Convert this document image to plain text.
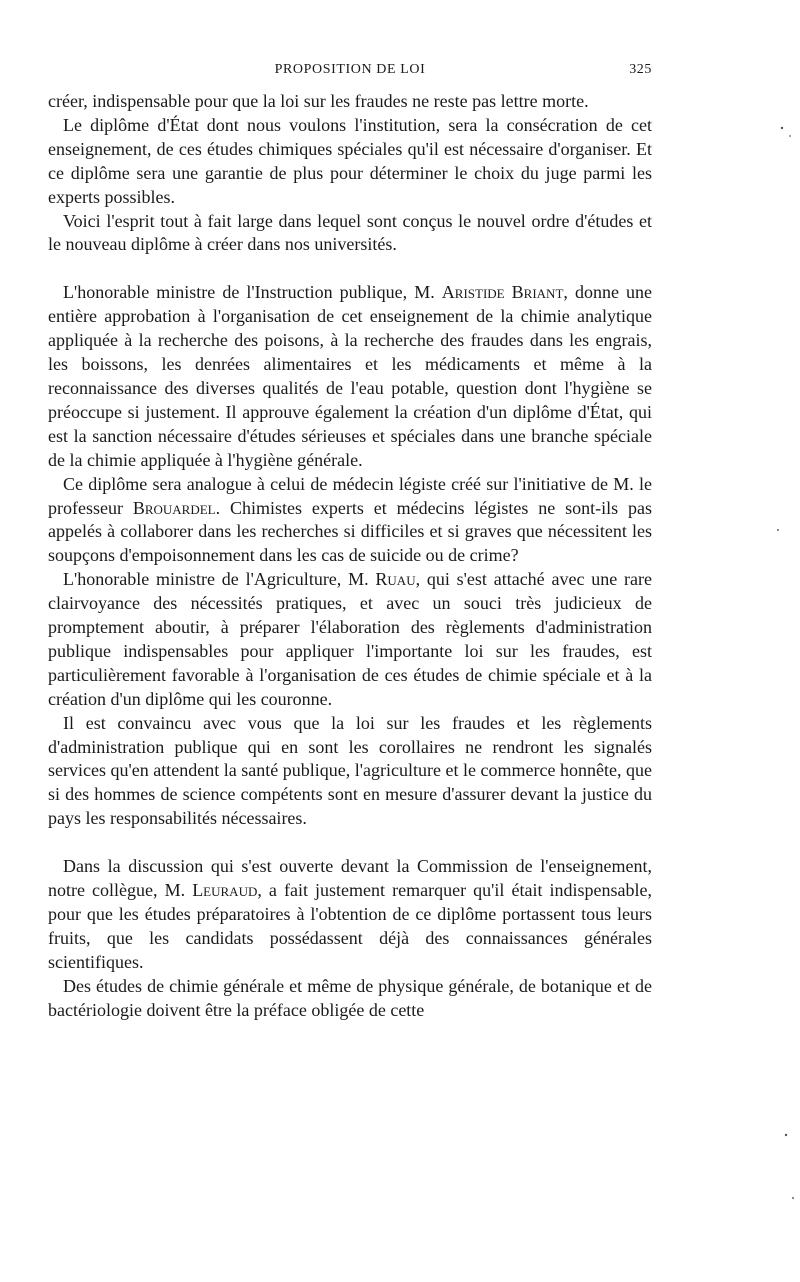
PROPOSITION DE LOI	325

créer, indispensable pour que la loi sur les fraudes ne reste pas lettre morte.

Le diplôme d'État dont nous voulons l'institution, sera la consécration de cet enseignement, de ces études chimiques spéciales qu'il est nécessaire d'organiser. Et ce diplôme sera une garantie de plus pour déterminer le choix du juge parmi les experts possibles.

Voici l'esprit tout à fait large dans lequel sont conçus le nouvel ordre d'études et le nouveau diplôme à créer dans nos universités.

L'honorable ministre de l'Instruction publique, M. Aristide Briant, donne une entière approbation à l'organisation de cet enseignement de la chimie analytique appliquée à la recherche des poisons, à la recherche des fraudes dans les engrais, les boissons, les denrées alimentaires et les médicaments et même à la reconnaissance des diverses qualités de l'eau potable, question dont l'hygiène se préoccupe si justement. Il approuve également la création d'un diplôme d'État, qui est la sanction nécessaire d'études sérieuses et spéciales dans une branche spéciale de la chimie appliquée à l'hygiène générale.

Ce diplôme sera analogue à celui de médecin légiste créé sur l'initiative de M. le professeur Brouardel. Chimistes experts et médecins légistes ne sont-ils pas appelés à collaborer dans les recherches si difficiles et si graves que nécessitent les soupçons d'empoisonnement dans les cas de suicide ou de crime?

L'honorable ministre de l'Agriculture, M. Ruau, qui s'est attaché avec une rare clairvoyance des nécessités pratiques, et avec un souci très judicieux de promptement aboutir, à préparer l'élaboration des règlements d'administration publique indispensables pour appliquer l'importante loi sur les fraudes, est particulièrement favorable à l'organisation de ces études de chimie spéciale et à la création d'un diplôme qui les couronne.

Il est convaincu avec vous que la loi sur les fraudes et les règlements d'administration publique qui en sont les corollaires ne rendront les signalés services qu'en attendent la santé publique, l'agriculture et le commerce honnête, que si des hommes de science compétents sont en mesure d'assurer devant la justice du pays les responsabilités nécessaires.

Dans la discussion qui s'est ouverte devant la Commission de l'enseignement, notre collègue, M. Leuraud, a fait justement remarquer qu'il était indispensable, pour que les études préparatoires à l'obtention de ce diplôme portassent tous leurs fruits, que les candidats possédassent déjà des connaissances générales scientifiques.

Des études de chimie générale et même de physique générale, de botanique et de bactériologie doivent être la préface obligée de cette
